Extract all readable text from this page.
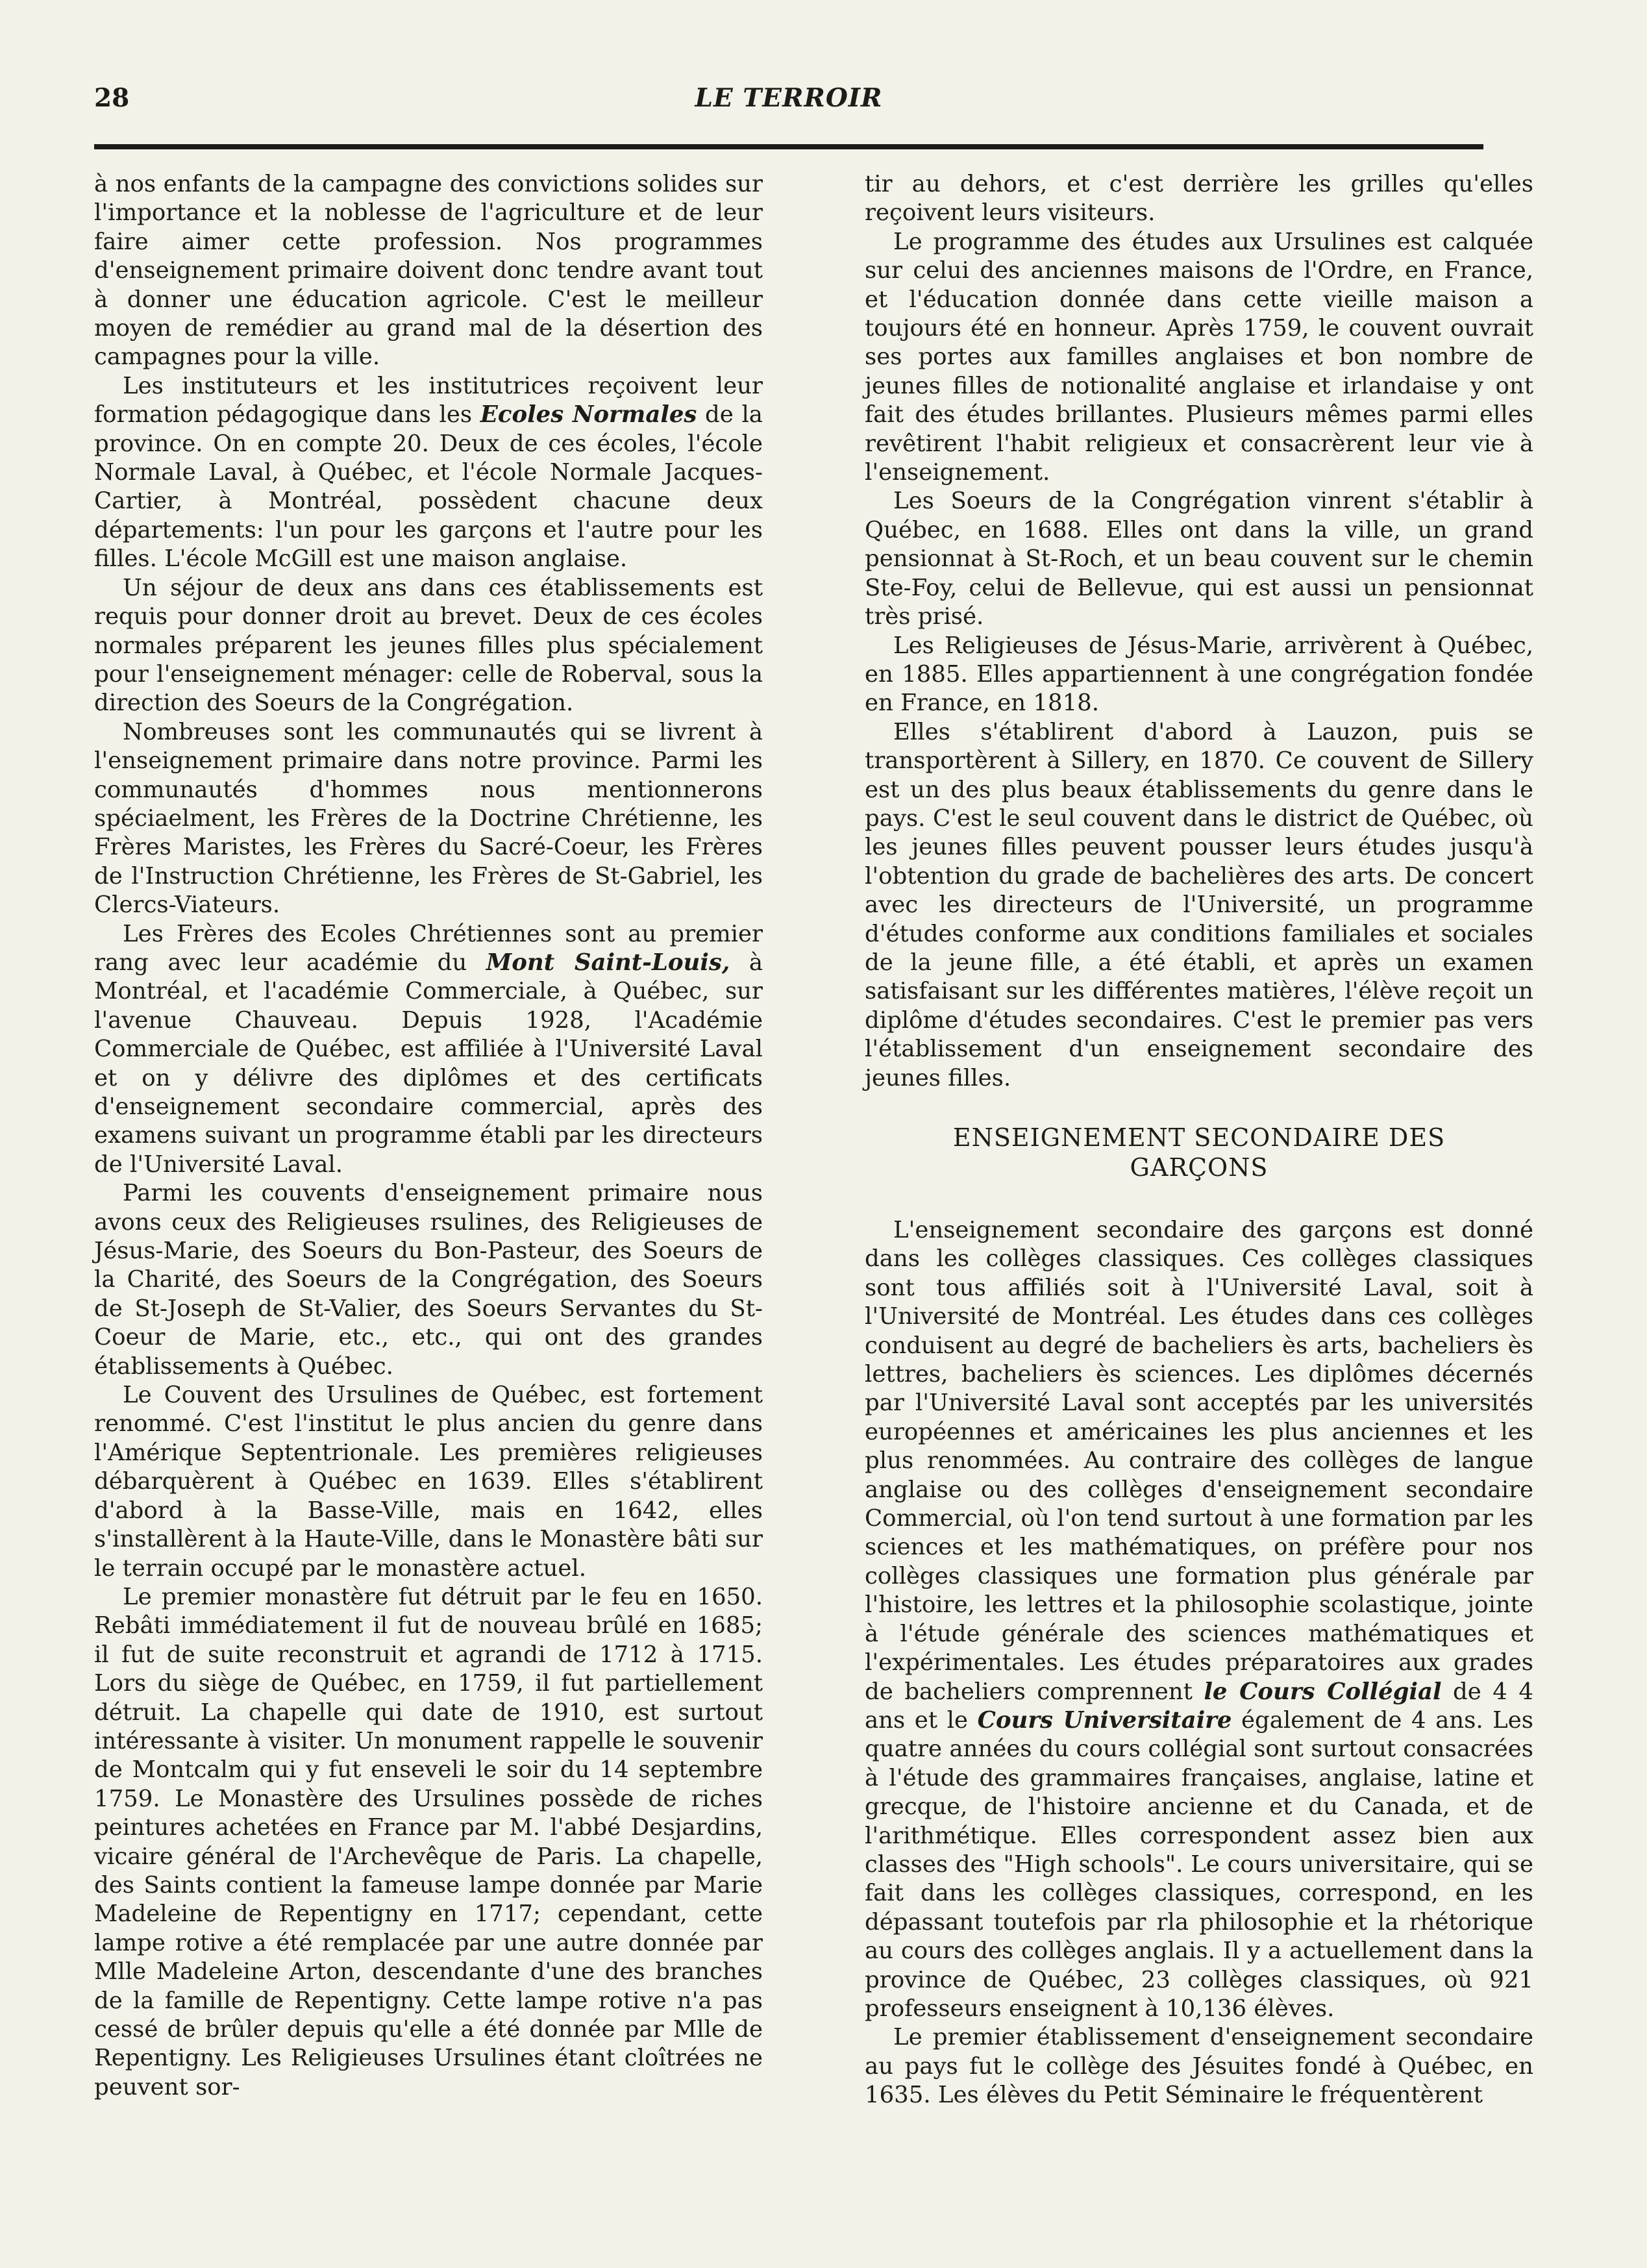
28	LE TERROIR

à nos enfants de la campagne des convictions solides sur l'importance et la noblesse de l'agriculture et de leur faire aimer cette profession. Nos programmes d'enseignement primaire doivent donc tendre avant tout à donner une éducation agricole. C'est le meilleur moyen de remédier au grand mal de la désertion des campagnes pour la ville.

Les instituteurs et les institutrices reçoivent leur formation pédagogique dans les Ecoles Normales de la province. On en compte 20. Deux de ces écoles, l'école Normale Laval, à Québec, et l'école Normale Jacques-Cartier, à Montréal, possèdent chacune deux départements: l'un pour les garçons et l'autre pour les filles. L'école McGill est une maison anglaise.

Un séjour de deux ans dans ces établissements est requis pour donner droit au brevet. Deux de ces écoles normales préparent les jeunes filles plus spécialement pour l'enseignement ménager: celle de Roberval, sous la direction des Soeurs de la Congrégation.

Nombreuses sont les communautés qui se livrent à l'enseignement primaire dans notre province. Parmi les communautés d'hommes nous mentionnerons spéciaelment, les Frères de la Doctrine Chrétienne, les Frères Maristes, les Frères du Sacré-Coeur, les Frères de l'Instruction Chrétienne, les Frères de St-Gabriel, les Clercs-Viateurs.

Les Frères des Ecoles Chrétiennes sont au premier rang avec leur académie du Mont Saint-Louis, à Montréal, et l'académie Commerciale, à Québec, sur l'avenue Chauveau. Depuis 1928, l'Académie Commerciale de Québec, est affiliée à l'Université Laval et on y délivre des diplômes et des certificats d'enseignement secondaire commercial, après des examens suivant un programme établi par les directeurs de l'Université Laval.

Parmi les couvents d'enseignement primaire nous avons ceux des Religieuses rsulines, des Religieuses de Jésus-Marie, des Soeurs du Bon-Pasteur, des Soeurs de la Charité, des Soeurs de la Congrégation, des Soeurs de St-Joseph de St-Valier, des Soeurs Servantes du St-Coeur de Marie, etc., etc., qui ont des grandes établissements à Québec.

Le Couvent des Ursulines de Québec, est fortement renommé. C'est l'institut le plus ancien du genre dans l'Amérique Septentrionale. Les premières religieuses débarquèrent à Québec en 1639. Elles s'établirent d'abord à la Basse-Ville, mais en 1642, elles s'installèrent à la Haute-Ville, dans le Monastère bâti sur le terrain occupé par le monastère actuel.

Le premier monastère fut détruit par le feu en 1650. Rebâti immédiatement il fut de nouveau brûlé en 1685; il fut de suite reconstruit et agrandi de 1712 à 1715. Lors du siège de Québec, en 1759, il fut partiellement détruit. La chapelle qui date de 1910, est surtout intéressante à visiter. Un monument rappelle le souvenir de Montcalm qui y fut enseveli le soir du 14 septembre 1759. Le Monastère des Ursulines possède de riches peintures achetées en France par M. l'abbé Desjardins, vicaire général de l'Archevêque de Paris. La chapelle, des Saints contient la fameuse lampe donnée par Marie Madeleine de Repentigny en 1717; cependant, cette lampe rotive a été remplacée par une autre donnée par Mlle Madeleine Arton, descendante d'une des branches de la famille de Repentigny. Cette lampe rotive n'a pas cessé de brûler depuis qu'elle a été donnée par Mlle de Repentigny. Les Religieuses Ursulines étant cloîtrées ne peuvent sor-

tir au dehors, et c'est derrière les grilles qu'elles reçoivent leurs visiteurs.

Le programme des études aux Ursulines est calquée sur celui des anciennes maisons de l'Ordre, en France, et l'éducation donnée dans cette vieille maison a toujours été en honneur. Après 1759, le couvent ouvrait ses portes aux familles anglaises et bon nombre de jeunes filles de notionalité anglaise et irlandaise y ont fait des études brillantes. Plusieurs mêmes parmi elles revêtirent l'habit religieux et consacrèrent leur vie à l'enseignement.

Les Soeurs de la Congrégation vinrent s'établir à Québec, en 1688. Elles ont dans la ville, un grand pensionnat à St-Roch, et un beau couvent sur le chemin Ste-Foy, celui de Bellevue, qui est aussi un pensionnat très prisé.

Les Religieuses de Jésus-Marie, arrivèrent à Québec, en 1885. Elles appartiennent à une congrégation fondée en France, en 1818.

Elles s'établirent d'abord à Lauzon, puis se transportèrent à Sillery, en 1870. Ce couvent de Sillery est un des plus beaux établissements du genre dans le pays. C'est le seul couvent dans le district de Québec, où les jeunes filles peuvent pousser leurs études jusqu'à l'obtention du grade de bachelières des arts. De concert avec les directeurs de l'Université, un programme d'études conforme aux conditions familiales et sociales de la jeune fille, a été établi, et après un examen satisfaisant sur les différentes matières, l'élève reçoit un diplôme d'études secondaires. C'est le premier pas vers l'établissement d'un enseignement secondaire des jeunes filles.

ENSEIGNEMENT SECONDAIRE DES
GARÇONS

L'enseignement secondaire des garçons est donné dans les collèges classiques. Ces collèges classiques sont tous affiliés soit à l'Université Laval, soit à l'Université de Montréal. Les études dans ces collèges conduisent au degré de bacheliers ès arts, bacheliers ès lettres, bacheliers ès sciences. Les diplômes décernés par l'Université Laval sont acceptés par les universités européennes et américaines les plus anciennes et les plus renommées. Au contraire des collèges de langue anglaise ou des collèges d'enseignement secondaire Commercial, où l'on tend surtout à une formation par les sciences et les mathématiques, on préfère pour nos collèges classiques une formation plus générale par l'histoire, les lettres et la philosophie scolastique, jointe à l'étude générale des sciences mathématiques et l'expérimentales. Les études préparatoires aux grades de bacheliers comprennent le Cours Collégial de 4 4 ans et le Cours Universitaire également de 4 ans. Les quatre années du cours collégial sont surtout consacrées à l'étude des grammaires françaises, anglaise, latine et grecque, de l'histoire ancienne et du Canada, et de l'arithmétique. Elles correspondent assez bien aux classes des "High schools". Le cours universitaire, qui se fait dans les collèges classiques, correspond, en les dépassant toutefois par rla philosophie et la rhétorique au cours des collèges anglais. Il y a actuellement dans la province de Québec, 23 collèges classiques, où 921 professeurs enseignent à 10,136 élèves.

Le premier établissement d'enseignement secondaire au pays fut le collège des Jésuites fondé à Québec, en 1635. Les élèves du Petit Séminaire le fréquentèrent
